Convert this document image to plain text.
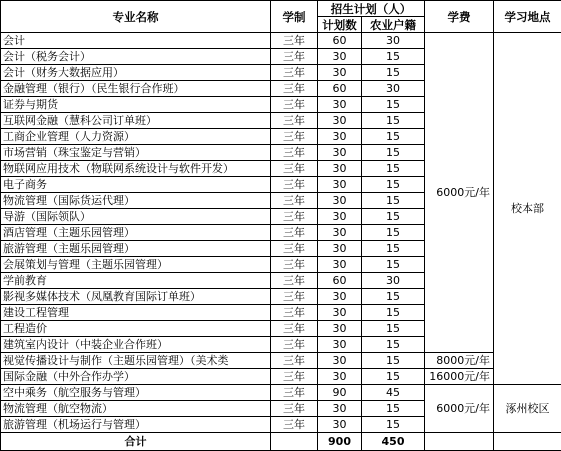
专业名称	学制	招生计划（人）		学费	学习地点
		计划数	农业户籍		
会计	三年	60	30	6000元/年	校本部
会计（税务会计）	三年	30	15		
会计（财务大数据应用）	三年	30	15		
金融管理（银行）（民生银行合作班）	三年	60	30		
证券与期货	三年	30	15		
互联网金融（慧科公司订单班）	三年	30	15		
工商企业管理（人力资源）	三年	30	15		
市场营销（珠宝鉴定与营销）	三年	30	15		
物联网应用技术（物联网系统设计与软件开发）	三年	30	15		
电子商务	三年	30	15		
物流管理（国际货运代理）	三年	30	15		
导游（国际领队）	三年	30	15		
酒店管理（主题乐园管理）	三年	30	15		
旅游管理（主题乐园管理）	三年	30	15		
会展策划与管理（主题乐园管理）	三年	30	15		
学前教育	三年	60	30		
影视多媒体技术（凤凰教育国际订单班）	三年	30	15		
建设工程管理	三年	30	15		
工程造价	三年	30	15		
建筑室内设计（中装企业合作班）	三年	30	15		
视觉传播设计与制作（主题乐园管理）（美术类	三年	30	15	8000元/年	
国际金融（中外合作办学）	三年	30	15	16000元/年	
空中乘务（航空服务与管理）	三年	90	45	6000元/年	涿州校区
物流管理（航空物流）	三年	30	15		
旅游管理（机场运行与管理）	三年	30	15		
合计		900	450		
